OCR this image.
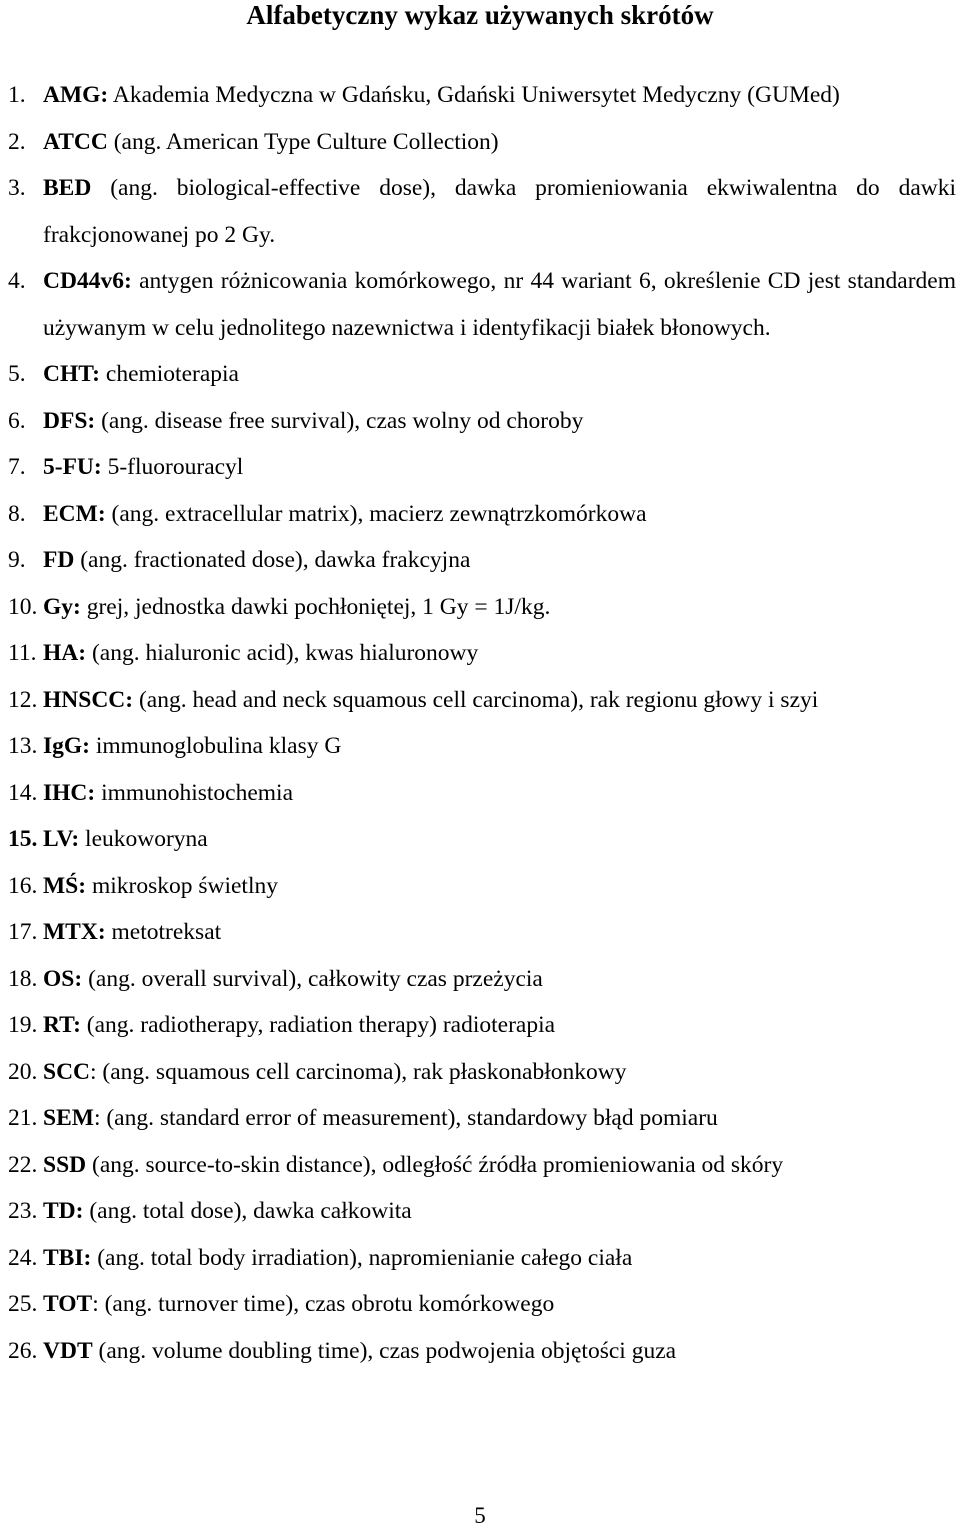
Alfabetyczny wykaz używanych skrótów
1. AMG: Akademia Medyczna w Gdańsku, Gdański Uniwersytet Medyczny (GUMed)
2. ATCC (ang. American Type Culture Collection)
3. BED (ang. biological-effective dose), dawka promieniowania ekwiwalentna do dawki frakcjonowanej po 2 Gy.
4. CD44v6: antygen różnicowania komórkowego, nr 44 wariant 6, określenie CD jest standardem używanym w celu jednolitego nazewnictwa i identyfikacji białek błonowych.
5. CHT: chemioterapia
6. DFS: (ang. disease free survival), czas wolny od choroby
7. 5-FU: 5-fluorouracyl
8. ECM: (ang. extracellular matrix), macierz zewnątrzkomórkowa
9. FD (ang. fractionated dose), dawka frakcyjna
10. Gy: grej, jednostka dawki pochłoniętej, 1 Gy = 1J/kg.
11. HA: (ang. hialuronic acid), kwas hialuronowy
12. HNSCC: (ang. head and neck squamous cell carcinoma), rak regionu głowy i szyi
13. IgG: immunoglobulina klasy G
14. IHC: immunohistochemia
15. LV: leukoworyna
16. MŚ: mikroskop świetlny
17. MTX: metotreksat
18. OS: (ang. overall survival), całkowity czas przeżycia
19. RT: (ang. radiotherapy, radiation therapy) radioterapia
20. SCC: (ang. squamous cell carcinoma), rak płaskonabłonkowy
21. SEM: (ang. standard error of measurement), standardowy błąd pomiaru
22. SSD (ang. source-to-skin distance), odległość źródła promieniowania od skóry
23. TD: (ang. total dose), dawka całkowita
24. TBI: (ang. total body irradiation), napromienianie całego ciała
25. TOT: (ang. turnover time), czas obrotu komórkowego
26. VDT (ang. volume doubling time), czas podwojenia objętości guza
5
